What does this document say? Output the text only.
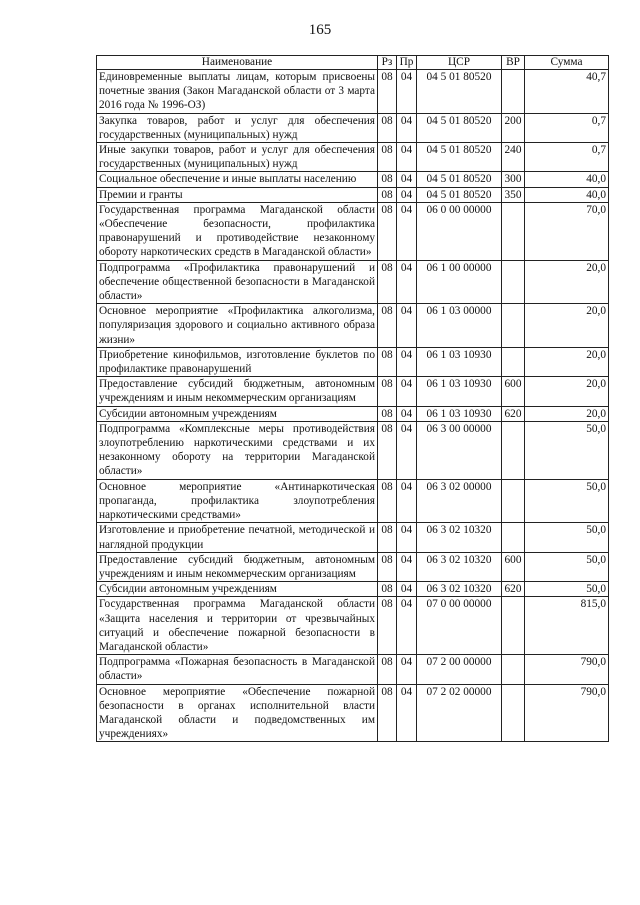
165
Наименование	Рз	Пр	ЦСР	ВР	Сумма
Единовременные выплаты лицам, которым присвоены почетные звания (Закон Магаданской области от 3 марта 2016 года № 1996-ОЗ)	08	04	04 5 01 80520		40,7
Закупка товаров, работ и услуг для обеспечения государственных (муниципальных) нужд	08	04	04 5 01 80520	200	0,7
Иные закупки товаров, работ и услуг для обеспечения государственных (муниципальных) нужд	08	04	04 5 01 80520	240	0,7
Социальное обеспечение и иные выплаты населению	08	04	04 5 01 80520	300	40,0
Премии и гранты	08	04	04 5 01 80520	350	40,0
Государственная программа Магаданской области «Обеспечение безопасности, профилактика правонарушений и противодействие незаконному обороту наркотических средств в Магаданской области»	08	04	06 0 00 00000		70,0
Подпрограмма «Профилактика правонарушений и обеспечение общественной безопасности в Магаданской области»	08	04	06 1 00 00000		20,0
Основное мероприятие «Профилактика алкоголизма, популяризация здорового и социально активного образа жизни»	08	04	06 1 03 00000		20,0
Приобретение кинофильмов, изготовление буклетов по профилактике правонарушений	08	04	06 1 03 10930		20,0
Предоставление субсидий бюджетным, автономным учреждениям и иным некоммерческим организациям	08	04	06 1 03 10930	600	20,0
Субсидии автономным учреждениям	08	04	06 1 03 10930	620	20,0
Подпрограмма «Комплексные меры противодействия злоупотреблению наркотическими средствами и их незаконному обороту на территории Магаданской области»	08	04	06 3 00 00000		50,0
Основное мероприятие «Антинаркотическая пропаганда, профилактика злоупотребления наркотическими средствами»	08	04	06 3 02 00000		50,0
Изготовление и приобретение печатной, методической и наглядной продукции	08	04	06 3 02 10320		50,0
Предоставление субсидий бюджетным, автономным учреждениям и иным некоммерческим организациям	08	04	06 3 02 10320	600	50,0
Субсидии автономным учреждениям	08	04	06 3 02 10320	620	50,0
Государственная программа Магаданской области «Защита населения и территории от чрезвычайных ситуаций и обеспечение пожарной безопасности в Магаданской области»	08	04	07 0 00 00000		815,0
Подпрограмма «Пожарная безопасность в Магаданской области»	08	04	07 2 00 00000		790,0
Основное мероприятие «Обеспечение пожарной безопасности в органах исполнительной власти Магаданской области и подведомственных им учреждениях»	08	04	07 2 02 00000		790,0
